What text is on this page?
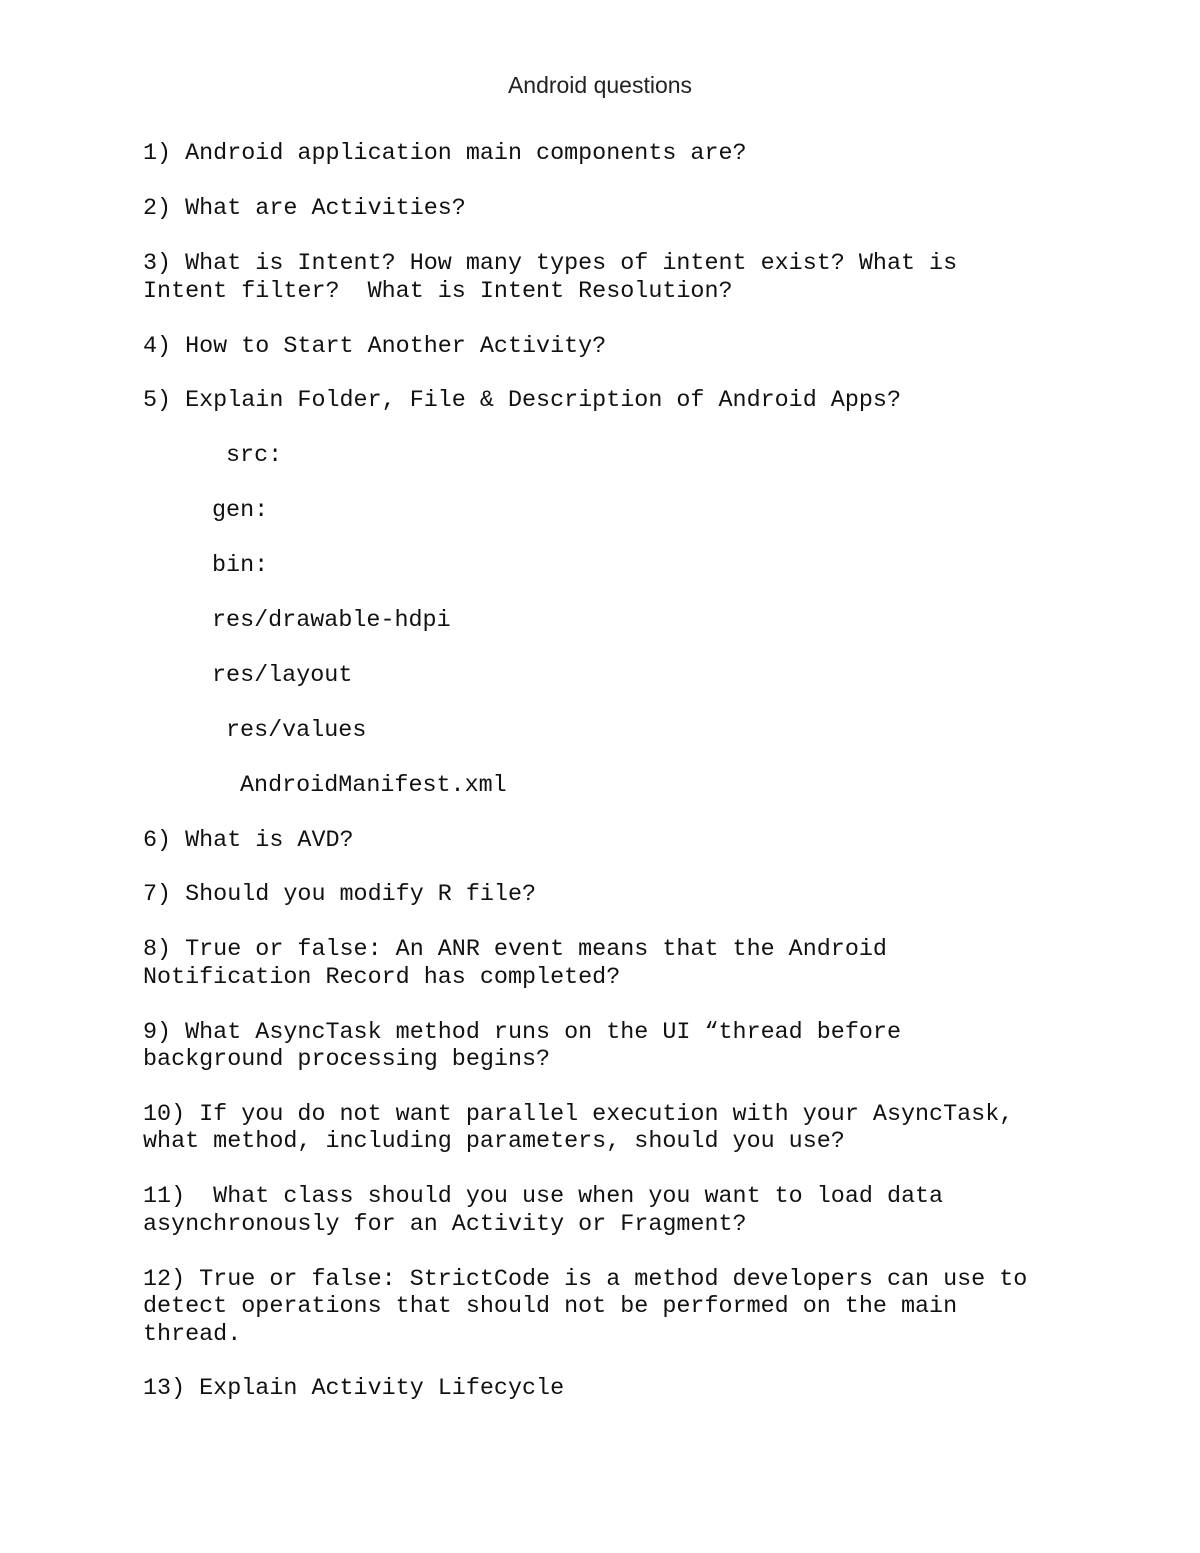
Android questions
1) Android application main components are?
2) What are Activities?
3) What is Intent? How many types of intent exist? What is
Intent filter?  What is Intent Resolution?
4) How to Start Another Activity?
5) Explain Folder, File & Description of Android Apps?
src:
gen:
bin:
res/drawable-hdpi
res/layout
res/values
AndroidManifest.xml
6) What is AVD?
7) Should you modify R file?
8) True or false: An ANR event means that the Android
Notification Record has completed?
9) What AsyncTask method runs on the UI “thread before
background processing begins?
10) If you do not want parallel execution with your AsyncTask,
what method, including parameters, should you use?
11)  What class should you use when you want to load data
asynchronously for an Activity or Fragment?
12) True or false: StrictCode is a method developers can use to
detect operations that should not be performed on the main
thread.
13) Explain Activity Lifecycle
